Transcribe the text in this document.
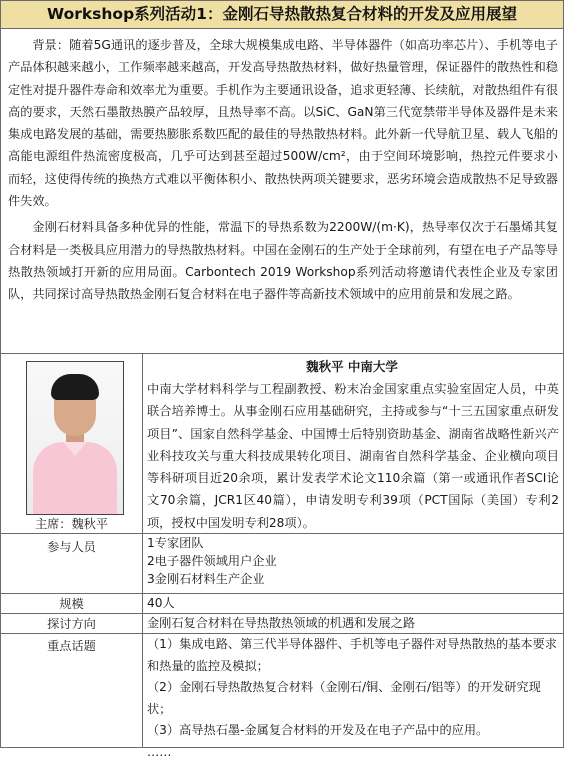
Workshop系列活动1：金刚石导热散热复合材料的开发及应用展望

背景：随着5G通讯的逐步普及，全球大规模集成电路、半导体器件（如高功率芯片）、手机等电子产品体积越来越小，工作频率越来越高，开发高导热散热材料，做好热量管理，保证器件的散热性和稳定性对提升器件寿命和效率尤为重要。手机作为主要通讯设备，追求更轻薄、长续航，对散热组件有很高的要求，天然石墨散热膜产品较厚，且热导率不高。以SiC、GaN第三代宽禁带半导体及器件是未来集成电路发展的基础，需要热膨胀系数匹配的最佳的导热散热材料。此外新一代导航卫星、载人飞船的高能电源组件热流密度极高，几乎可达到甚至超过500W/cm²，由于空间环境影响，热控元件要求小而轻，这使得传统的换热方式难以平衡体积小、散热快两项关键要求，恶劣环境会造成散热不足导致器件失效。

金刚石材料具备多种优异的性能，常温下的导热系数为2200W/(m·K)，热导率仅次于石墨烯其复合材料是一类极具应用潜力的导热散热材料。中国在金刚石的生产处于全球前列，有望在电子产品等导热散热领域打开新的应用局面。Carbontech 2019 Workshop系列活动将邀请代表性企业及专家团队，共同探讨高导热散热金刚石复合材料在电子器件等高新技术领域中的应用前景和发展之路。

主席：魏秋平
魏秋平 中南大学
中南大学材料科学与工程副教授、粉末冶金国家重点实验室固定人员，中英联合培养博士。从事金刚石应用基础研究，主持或参与“十三五国家重点研发项目”、国家自然科学基金、中国博士后特别资助基金、湖南省战略性新兴产业科技攻关与重大科技成果转化项目、湖南省自然科学基金、企业横向项目等科研项目近20余项，累计发表学术论文110余篇（第一或通讯作者SCI论文70余篇，JCR1区40篇），申请发明专利39项（PCT国际（美国）专利2项，授权中国发明专利28项）。
参与人员	1专家团队
2电子器件领域用户企业
3金刚石材料生产企业
规模	40人
探讨方向	金刚石复合材料在导热散热领域的机遇和发展之路
重点话题	（1）集成电路、第三代半导体器件、手机等电子器件对导热散热的基本要求和热量的监控及模拟；
（2）金刚石导热散热复合材料（金刚石/铜、金刚石/铝等）的开发研究现状；
（3）高导热石墨-金属复合材料的开发及在电子产品中的应用。
……
